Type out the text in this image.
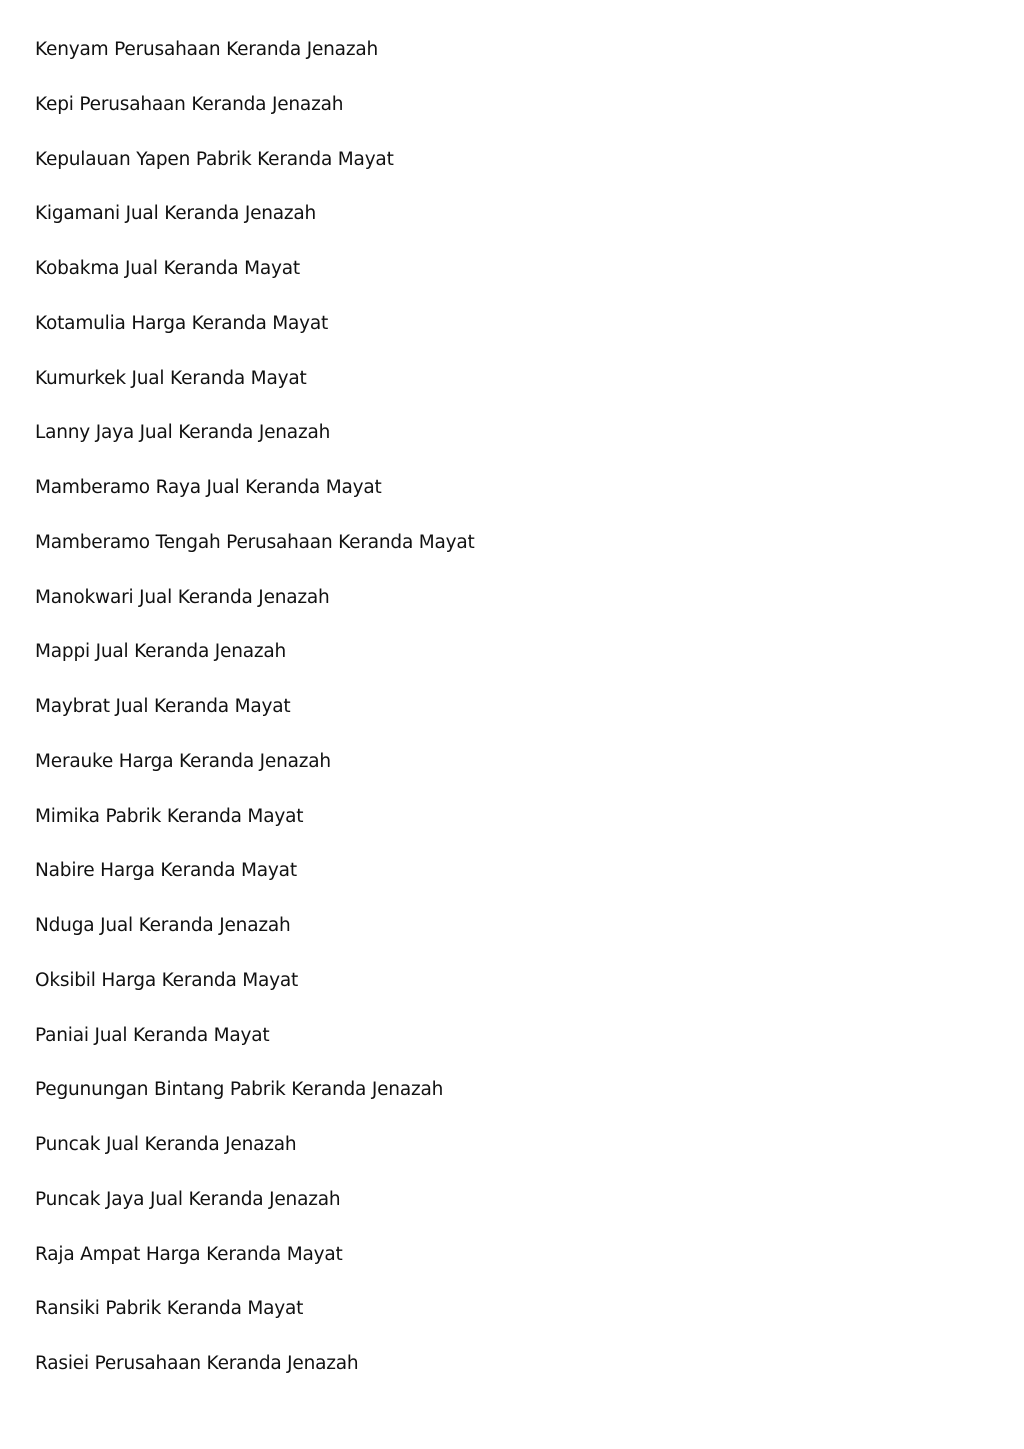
Kenyam Perusahaan Keranda Jenazah
Kepi Perusahaan Keranda Jenazah
Kepulauan Yapen Pabrik Keranda Mayat
Kigamani Jual Keranda Jenazah
Kobakma Jual Keranda Mayat
Kotamulia Harga Keranda Mayat
Kumurkek Jual Keranda Mayat
Lanny Jaya Jual Keranda Jenazah
Mamberamo Raya Jual Keranda Mayat
Mamberamo Tengah Perusahaan Keranda Mayat
Manokwari Jual Keranda Jenazah
Mappi Jual Keranda Jenazah
Maybrat Jual Keranda Mayat
Merauke Harga Keranda Jenazah
Mimika Pabrik Keranda Mayat
Nabire Harga Keranda Mayat
Nduga Jual Keranda Jenazah
Oksibil Harga Keranda Mayat
Paniai Jual Keranda Mayat
Pegunungan Bintang Pabrik Keranda Jenazah
Puncak Jual Keranda Jenazah
Puncak Jaya Jual Keranda Jenazah
Raja Ampat Harga Keranda Mayat
Ransiki Pabrik Keranda Mayat
Rasiei Perusahaan Keranda Jenazah
